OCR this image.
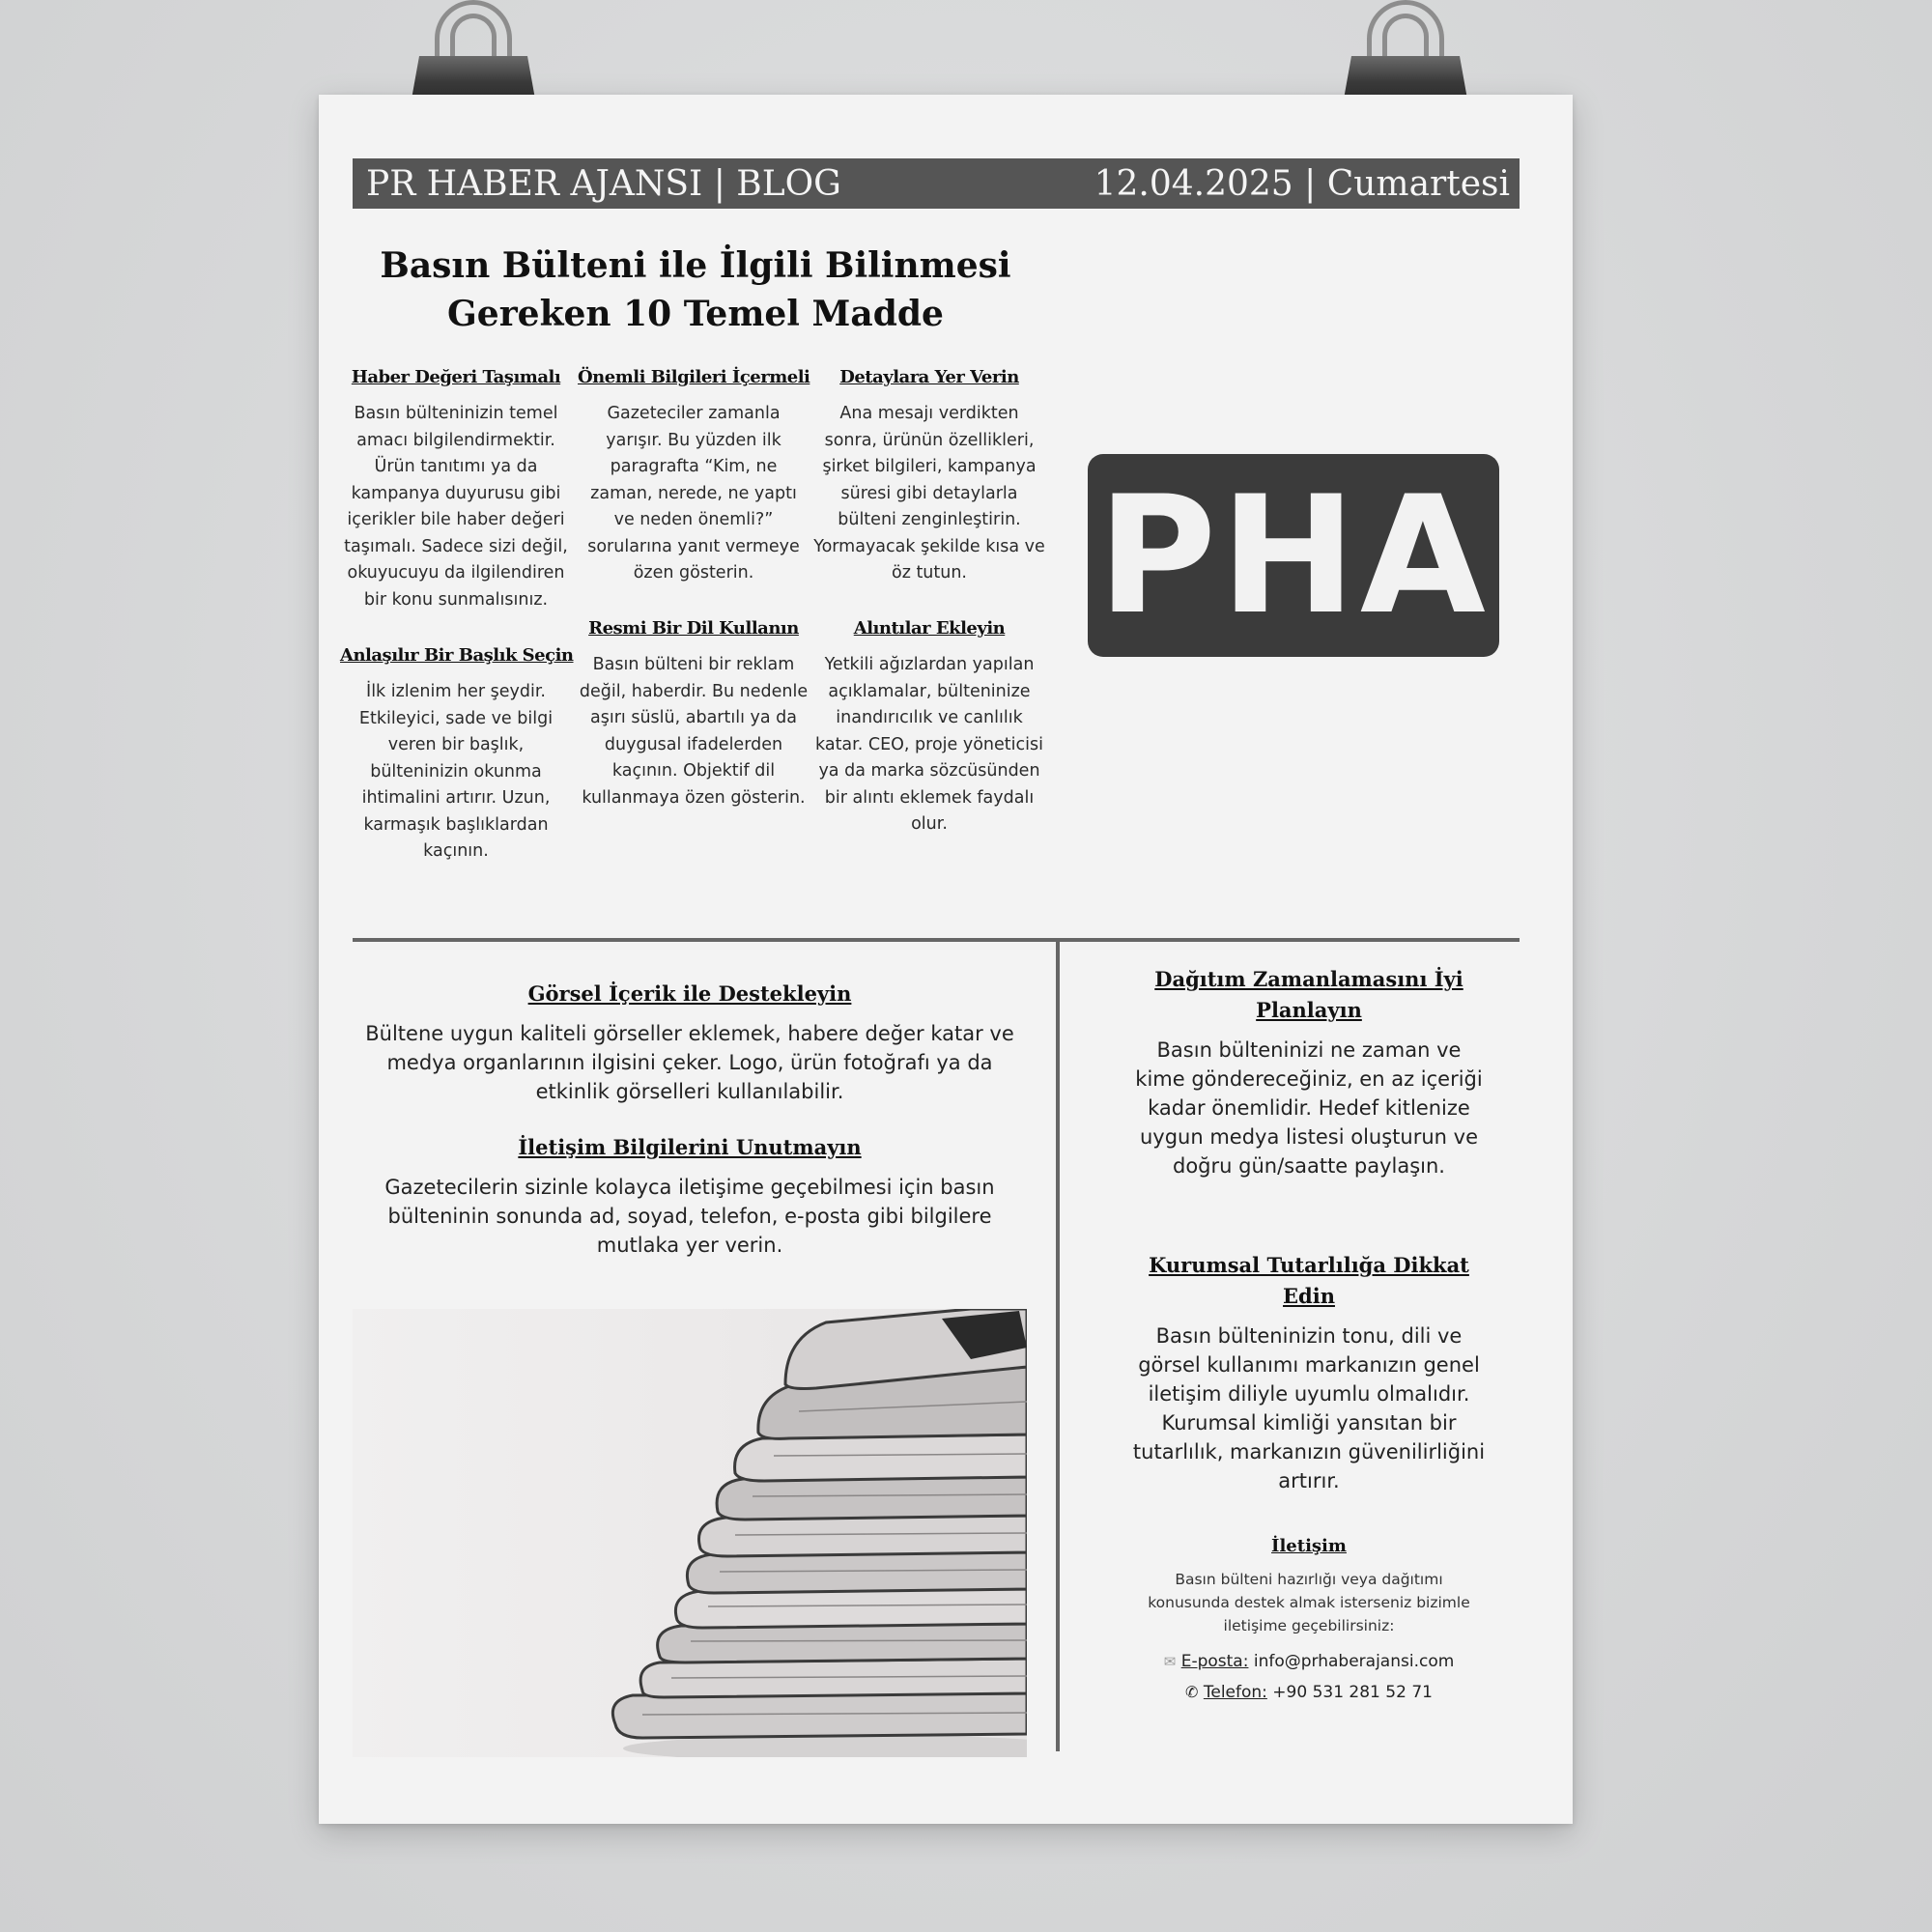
PR HABER AJANSI | BLOG	12.04.2025 | Cumartesi
Basın Bülteni ile İlgili Bilinmesi
Gereken 10 Temel Madde
Haber Değeri Taşımalı
Basın bülteninizin temel amacı bilgilendirmektir. Ürün tanıtımı ya da kampanya duyurusu gibi içerikler bile haber değeri taşımalı. Sadece sizi değil, okuyucuyu da ilgilendiren bir konu sunmalısınız.
Önemli Bilgileri İçermeli
Gazeteciler zamanla yarışır. Bu yüzden ilk paragrafta “Kim, ne zaman, nerede, ne yaptı ve neden önemli?” sorularına yanıt vermeye özen gösterin.
Detaylara Yer Verin
Ana mesajı verdikten sonra, ürünün özellikleri, şirket bilgileri, kampanya süresi gibi detaylarla bülteni zenginleştirin. Yormayacak şekilde kısa ve öz tutun.
Anlaşılır Bir Başlık Seçin
İlk izlenim her şeydir. Etkileyici, sade ve bilgi veren bir başlık, bülteninizin okunma ihtimalini artırır. Uzun, karmaşık başlıklardan kaçının.
Resmi Bir Dil Kullanın
Basın bülteni bir reklam değil, haberdir. Bu nedenle aşırı süslü, abartılı ya da duygusal ifadelerden kaçının. Objektif dil kullanmaya özen gösterin.
Alıntılar Ekleyin
Yetkili ağızlardan yapılan açıklamalar, bülteninize inandırıcılık ve canlılık katar. CEO, proje yöneticisi ya da marka sözcüsünden bir alıntı eklemek faydalı olur.
PHA
Görsel İçerik ile Destekleyin
Bültene uygun kaliteli görseller eklemek, habere değer katar ve medya organlarının ilgisini çeker. Logo, ürün fotoğrafı ya da etkinlik görselleri kullanılabilir.
İletişim Bilgilerini Unutmayın
Gazetecilerin sizinle kolayca iletişime geçebilmesi için basın bülteninin sonunda ad, soyad, telefon, e-posta gibi bilgilere mutlaka yer verin.
Dağıtım Zamanlamasını İyi Planlayın
Basın bülteninizi ne zaman ve kime göndereceğiniz, en az içeriği kadar önemlidir. Hedef kitlenize uygun medya listesi oluşturun ve doğru gün/saatte paylaşın.
Kurumsal Tutarlılığa Dikkat Edin
Basın bülteninizin tonu, dili ve görsel kullanımı markanızın genel iletişim diliyle uyumlu olmalıdır. Kurumsal kimliği yansıtan bir tutarlılık, markanızın güvenilirliğini artırır.
İletişim
Basın bülteni hazırlığı veya dağıtımı konusunda destek almak isterseniz bizimle iletişime geçebilirsiniz:
✉ E-posta: info@prhaberajansi.com
✆ Telefon: +90 531 281 52 71
